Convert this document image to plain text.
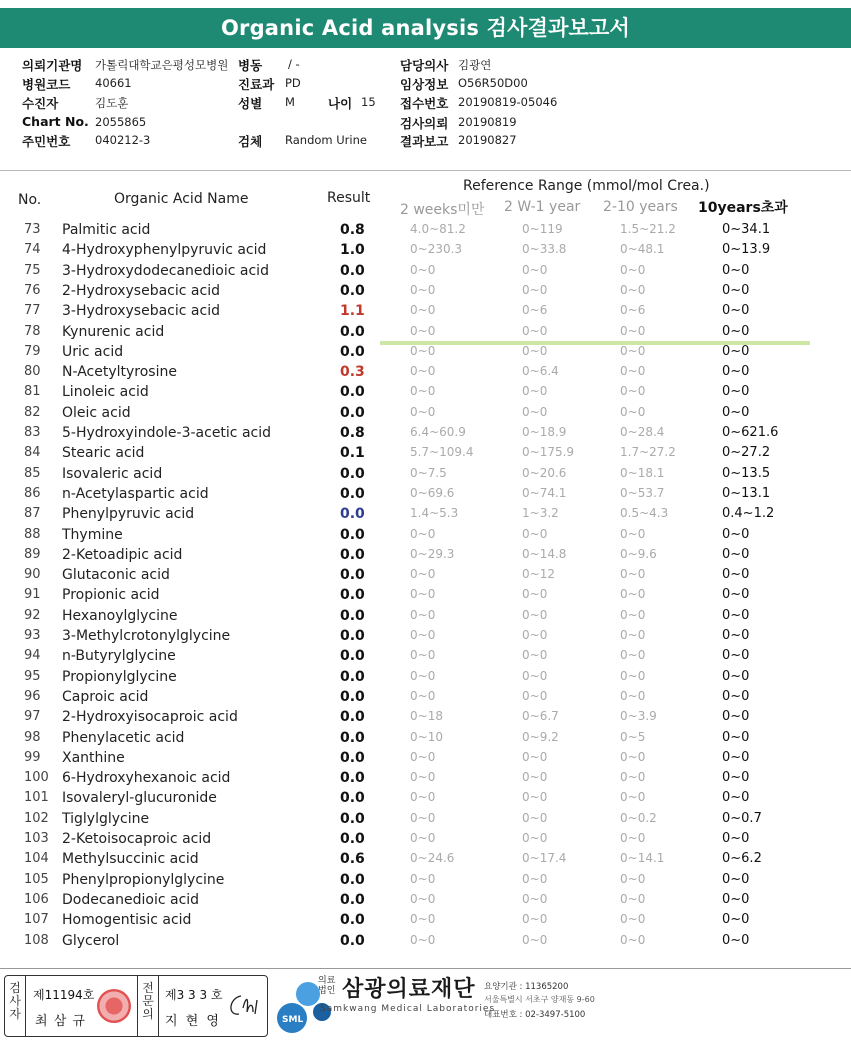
Organic Acid analysis 검사결과보고서
의뢰기관명 가톨릭대학교은평성모병원
병원코드 40661
수진자	김도훈
Chart No. 2055865
주민번호 040212-3
병동 / -
진료과 PD
성별 M
검체 Random Urine
나이 15
담당의사 김광연
임상정보 O56R50D00
접수번호 20190819-05046
검사의뢰 20190819
결과보고 20190827
No.	Organic Acid Name	Result
Reference Range (mmol/mol Crea.)
2 weeks미만 2 W-1 year 2-10 years 10years초과
73 Palmitic acid	0.8	4.0~81.2	0~119	1.5~21.2	0~34.1
74 4-Hydroxyphenylpyruvic acid	1.0	0~230.3	0~33.8	0~48.1	0~13.9
75 3-Hydroxydodecanedioic acid	0.0	0~0	0~0	0~0	0~0
76 2-Hydroxysebacic acid	0.0	0~0	0~0	0~0	0~0
77 3-Hydroxysebacic acid	1.1	0~0	0~6	0~6	0~0
78 Kynurenic acid	0.0	0~0	0~0	0~0	0~0
79 Uric acid	0.0	0~0	0~0	0~0	0~0
80 N-Acetyltyrosine	0.3	0~0	0~6.4	0~0	0~0
81 Linoleic acid	0.0	0~0	0~0	0~0	0~0
82 Oleic acid	0.0	0~0	0~0	0~0	0~0
83 5-Hydroxyindole-3-acetic acid	0.8	6.4~60.9	0~18.9	0~28.4	0~621.6
84 Stearic acid	0.1	5.7~109.4	0~175.9	1.7~27.2	0~27.2
85 Isovaleric acid	0.0	0~7.5	0~20.6	0~18.1	0~13.5
86 n-Acetylaspartic acid	0.0	0~69.6	0~74.1	0~53.7	0~13.1
87 Phenylpyruvic acid	0.0	1.4~5.3	1~3.2	0.5~4.3	0.4~1.2
88 Thymine	0.0	0~0	0~0	0~0	0~0
89 2-Ketoadipic acid	0.0	0~29.3	0~14.8	0~9.6	0~0
90 Glutaconic acid	0.0	0~0	0~12	0~0	0~0
91 Propionic acid	0.0	0~0	0~0	0~0	0~0
92 Hexanoylglycine	0.0	0~0	0~0	0~0	0~0
93 3-Methylcrotonylglycine	0.0	0~0	0~0	0~0	0~0
94 n-Butyrylglycine	0.0	0~0	0~0	0~0	0~0
95 Propionylglycine	0.0	0~0	0~0	0~0	0~0
96 Caproic acid	0.0	0~0	0~0	0~0	0~0
97 2-Hydroxyisocaproic acid	0.0	0~18	0~6.7	0~3.9	0~0
98 Phenylacetic acid	0.0	0~10	0~9.2	0~5	0~0
99 Xanthine	0.0	0~0	0~0	0~0	0~0
100 6-Hydroxyhexanoic acid	0.0	0~0	0~0	0~0	0~0
101 Isovaleryl-glucuronide	0.0	0~0	0~0	0~0	0~0
102 Tiglylglycine	0.0	0~0	0~0	0~0.2	0~0.7
103 2-Ketoisocaproic acid	0.0	0~0	0~0	0~0	0~0
104 Methylsuccinic acid	0.6	0~24.6	0~17.4	0~14.1	0~6.2
105 Phenylpropionylglycine	0.0	0~0	0~0	0~0	0~0
106 Dodecanedioic acid	0.0	0~0	0~0	0~0	0~0
107 Homogentisic acid	0.0	0~0	0~0	0~0	0~0
108 Glycerol	0.0	0~0	0~0	0~0	0~0
검
사
자
제11194호
최 삼 규
전
문
의
제3 3 3 호
지 현 영	SML
의료법인 삼광의료재단
Samkwang Medical Laboratories
요양기관 : 11365200
서울특별시 서초구 양재동 9-60
대표번호 : 02-3497-5100
